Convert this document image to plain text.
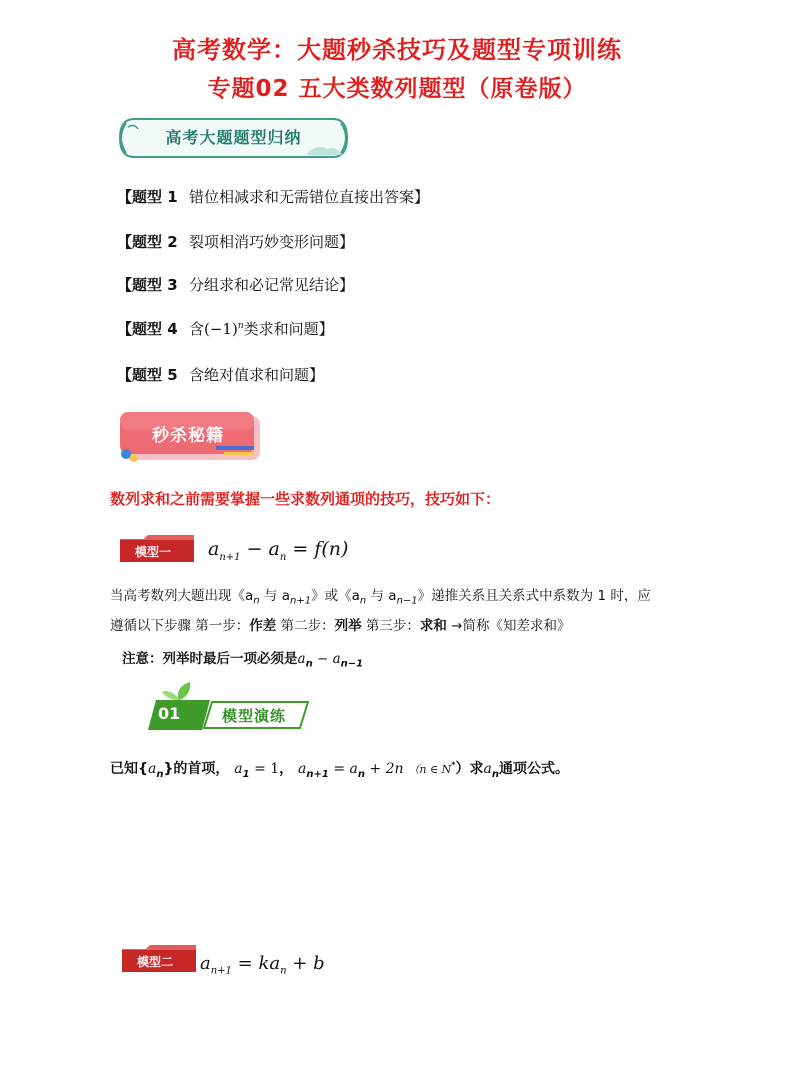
高考数学：大题秒杀技巧及题型专项训练
专题02 五大类数列题型（原卷版）
高考大题题型归纳
【题型 1 错位相减求和无需错位直接出答案】
【题型 2 裂项相消巧妙变形问题】
【题型 3 分组求和必记常见结论】
【题型 4 含$(-1)^n$类求和问题】
【题型 5 含绝对值求和问题】
秒杀秘籍
数列求和之前需要掌握一些求数列通项的技巧，技巧如下：
模型一 $a_{n+1} - a_n = f(n)$
当高考数列大题出现《$a_n$ 与 $a_{n+1}$》或《$a_n$ 与 $a_{n-1}$》递推关系且关系式中系数为 1 时，应
遵循以下步骤 第一步：作差 第二步：列举 第三步：求和 →简称《知差求和》
注意：列举时最后一项必须是$a_n - a_{n-1}$
01	模型演练
已知$\{a_n\}$的首项， $a_1 = 1$， $a_{n+1} = a_n + 2n$ （n ∈ N*）求$a_n$通项公式。
模型二 $a_{n+1} = ka_n + b$
